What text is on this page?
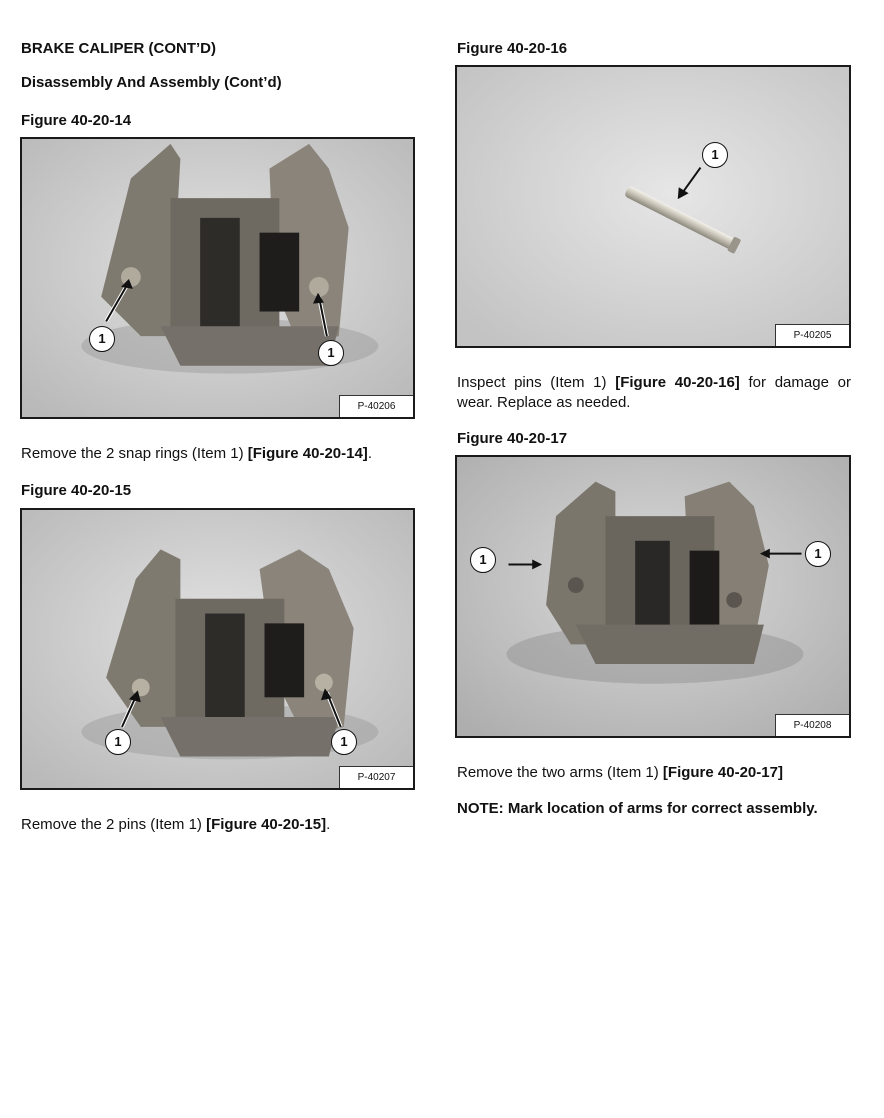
BRAKE CALIPER (CONT’D)

Disassembly And Assembly (Cont’d)

Figure 40-20-14

1
1
P-40206

Remove the 2 snap rings (Item 1) [Figure 40-20-14].

Figure 40-20-15

1	1
P-40207

Remove the 2 pins (Item 1) [Figure 40-20-15].

Figure 40-20-16

1
P-40205

Inspect pins (Item 1) [Figure 40-20-16] for damage or wear. Replace as needed.

Figure 40-20-17

1	1
P-40208

Remove the two arms (Item 1) [Figure 40-20-17]

NOTE: Mark location of arms for correct assembly.
